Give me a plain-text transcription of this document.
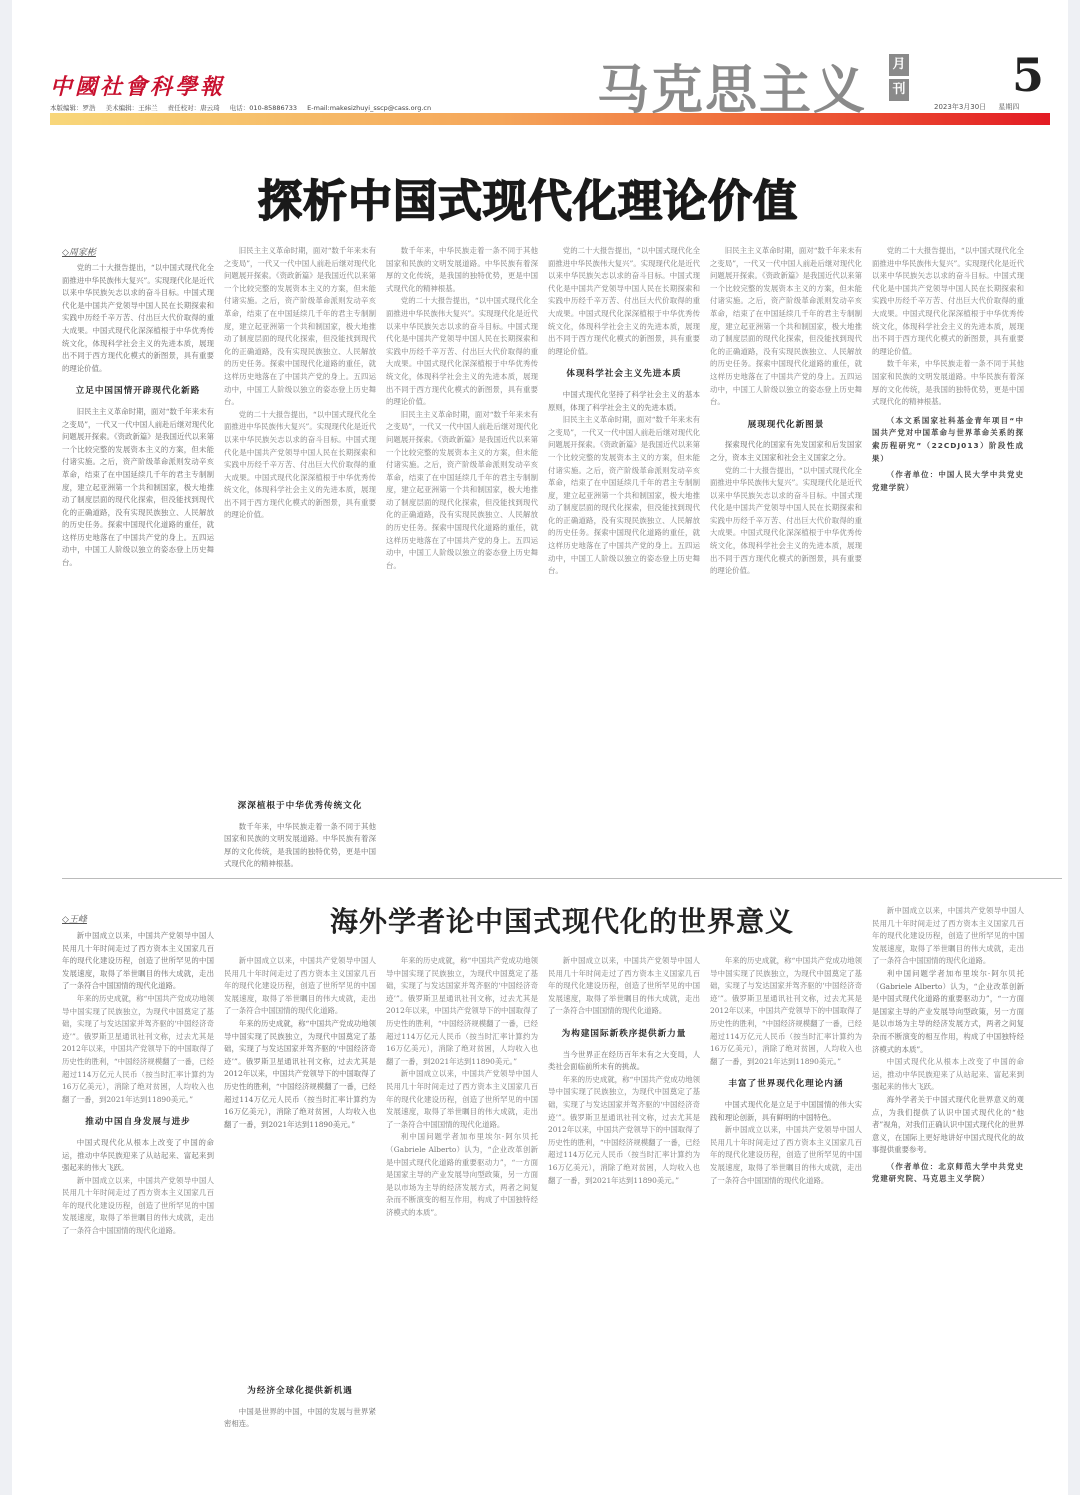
中國社會科學報
本版编辑：罗浩 美术编辑：王炜兰 责任校对：唐云琦 电话：010-85886733 E-mail:makesizhuyi_sscp@cass.org.cn	马克思主义 月
刊 5
2023年3月30日 星期四
探析中国式现代化理论价值
◇周家彬

党的二十大报告提出，“以中国式现代化全面推进中华民族伟大复兴”。实现现代化是近代以来中华民族矢志以求的奋斗目标。中国式现代化是中国共产党领导中国人民在长期探索和实践中历经千辛万苦、付出巨大代价取得的重大成果。中国式现代化深深植根于中华优秀传统文化，体现科学社会主义的先进本质，展现出不同于西方现代化模式的新图景，具有重要的理论价值。

立足中国国情开辟现代化新路

旧民主主义革命时期，面对“数千年来未有之变局”，一代又一代中国人前赴后继对现代化问题展开探索。《资政新篇》是我国近代以来第一个比较完整的发展资本主义的方案，但未能付诸实施。之后，资产阶级革命派则发动辛亥革命，结束了在中国延续几千年的君主专制制度，建立起亚洲第一个共和制国家，极大地推动了制度层面的现代化探索，但没能找到现代化的正确道路，没有实现民族独立、人民解放的历史任务。探索中国现代化道路的重任，就这样历史地落在了中国共产党的身上。五四运动中，中国工人阶级以独立的姿态登上历史舞台。

旧民主主义革命时期，面对“数千年来未有之变局”，一代又一代中国人前赴后继对现代化问题展开探索。《资政新篇》是我国近代以来第一个比较完整的发展资本主义的方案，但未能付诸实施。之后，资产阶级革命派则发动辛亥革命，结束了在中国延续几千年的君主专制制度，建立起亚洲第一个共和制国家，极大地推动了制度层面的现代化探索，但没能找到现代化的正确道路，没有实现民族独立、人民解放的历史任务。探索中国现代化道路的重任，就这样历史地落在了中国共产党的身上。五四运动中，中国工人阶级以独立的姿态登上历史舞台。

党的二十大报告提出，“以中国式现代化全面推进中华民族伟大复兴”。实现现代化是近代以来中华民族矢志以求的奋斗目标。中国式现代化是中国共产党领导中国人民在长期探索和实践中历经千辛万苦、付出巨大代价取得的重大成果。中国式现代化深深植根于中华优秀传统文化，体现科学社会主义的先进本质，展现出不同于西方现代化模式的新图景，具有重要的理论价值。

深深植根于中华优秀传统文化

数千年来，中华民族走着一条不同于其他国家和民族的文明发展道路。中华民族有着深厚的文化传统，是我国的独特优势，更是中国式现代化的精神根基。

数千年来，中华民族走着一条不同于其他国家和民族的文明发展道路。中华民族有着深厚的文化传统，是我国的独特优势，更是中国式现代化的精神根基。

党的二十大报告提出，“以中国式现代化全面推进中华民族伟大复兴”。实现现代化是近代以来中华民族矢志以求的奋斗目标。中国式现代化是中国共产党领导中国人民在长期探索和实践中历经千辛万苦、付出巨大代价取得的重大成果。中国式现代化深深植根于中华优秀传统文化，体现科学社会主义的先进本质，展现出不同于西方现代化模式的新图景，具有重要的理论价值。

旧民主主义革命时期，面对“数千年来未有之变局”，一代又一代中国人前赴后继对现代化问题展开探索。《资政新篇》是我国近代以来第一个比较完整的发展资本主义的方案，但未能付诸实施。之后，资产阶级革命派则发动辛亥革命，结束了在中国延续几千年的君主专制制度，建立起亚洲第一个共和制国家，极大地推动了制度层面的现代化探索，但没能找到现代化的正确道路，没有实现民族独立、人民解放的历史任务。探索中国现代化道路的重任，就这样历史地落在了中国共产党的身上。五四运动中，中国工人阶级以独立的姿态登上历史舞台。

党的二十大报告提出，“以中国式现代化全面推进中华民族伟大复兴”。实现现代化是近代以来中华民族矢志以求的奋斗目标。中国式现代化是中国共产党领导中国人民在长期探索和实践中历经千辛万苦、付出巨大代价取得的重大成果。中国式现代化深深植根于中华优秀传统文化，体现科学社会主义的先进本质，展现出不同于西方现代化模式的新图景，具有重要的理论价值。

体现科学社会主义先进本质

中国式现代化坚持了科学社会主义的基本原则，体现了科学社会主义的先进本质。

旧民主主义革命时期，面对“数千年来未有之变局”，一代又一代中国人前赴后继对现代化问题展开探索。《资政新篇》是我国近代以来第一个比较完整的发展资本主义的方案，但未能付诸实施。之后，资产阶级革命派则发动辛亥革命，结束了在中国延续几千年的君主专制制度，建立起亚洲第一个共和制国家，极大地推动了制度层面的现代化探索，但没能找到现代化的正确道路，没有实现民族独立、人民解放的历史任务。探索中国现代化道路的重任，就这样历史地落在了中国共产党的身上。五四运动中，中国工人阶级以独立的姿态登上历史舞台。

旧民主主义革命时期，面对“数千年来未有之变局”，一代又一代中国人前赴后继对现代化问题展开探索。《资政新篇》是我国近代以来第一个比较完整的发展资本主义的方案，但未能付诸实施。之后，资产阶级革命派则发动辛亥革命，结束了在中国延续几千年的君主专制制度，建立起亚洲第一个共和制国家，极大地推动了制度层面的现代化探索，但没能找到现代化的正确道路，没有实现民族独立、人民解放的历史任务。探索中国现代化道路的重任，就这样历史地落在了中国共产党的身上。五四运动中，中国工人阶级以独立的姿态登上历史舞台。

展现现代化新图景

探索现代化的国家有先发国家和后发国家之分，资本主义国家和社会主义国家之分。

党的二十大报告提出，“以中国式现代化全面推进中华民族伟大复兴”。实现现代化是近代以来中华民族矢志以求的奋斗目标。中国式现代化是中国共产党领导中国人民在长期探索和实践中历经千辛万苦、付出巨大代价取得的重大成果。中国式现代化深深植根于中华优秀传统文化，体现科学社会主义的先进本质，展现出不同于西方现代化模式的新图景，具有重要的理论价值。

党的二十大报告提出，“以中国式现代化全面推进中华民族伟大复兴”。实现现代化是近代以来中华民族矢志以求的奋斗目标。中国式现代化是中国共产党领导中国人民在长期探索和实践中历经千辛万苦、付出巨大代价取得的重大成果。中国式现代化深深植根于中华优秀传统文化，体现科学社会主义的先进本质，展现出不同于西方现代化模式的新图景，具有重要的理论价值。

数千年来，中华民族走着一条不同于其他国家和民族的文明发展道路。中华民族有着深厚的文化传统，是我国的独特优势，更是中国式现代化的精神根基。

（本文系国家社科基金青年项目“中国共产党对中国革命与世界革命关系的探索历程研究”（22CDJ013）阶段性成果）

（作者单位：中国人民大学中共党史党建学院）

海外学者论中国式现代化的世界意义
◇王峰

新中国成立以来，中国共产党领导中国人民用几十年时间走过了西方资本主义国家几百年的现代化建设历程，创造了世所罕见的中国发展速度，取得了举世瞩目的伟大成就，走出了一条符合中国国情的现代化道路。

年来的历史成就，称“中国共产党成功地领导中国实现了民族独立，为现代中国奠定了基础，实现了与发达国家并驾齐驱的‘中国经济奇迹’”。俄罗斯卫星通讯社刊文称，过去尤其是2012年以来，中国共产党领导下的中国取得了历史性的胜利，“中国经济规模翻了一番，已经超过114万亿元人民币（按当时汇率计算约为16万亿美元），消除了绝对贫困，人均收入也翻了一番，到2021年达到11890美元。”

推动中国自身发展与进步

中国式现代化从根本上改变了中国的命运，推动中华民族迎来了从站起来、富起来到强起来的伟大飞跃。

新中国成立以来，中国共产党领导中国人民用几十年时间走过了西方资本主义国家几百年的现代化建设历程，创造了世所罕见的中国发展速度，取得了举世瞩目的伟大成就，走出了一条符合中国国情的现代化道路。

新中国成立以来，中国共产党领导中国人民用几十年时间走过了西方资本主义国家几百年的现代化建设历程，创造了世所罕见的中国发展速度，取得了举世瞩目的伟大成就，走出了一条符合中国国情的现代化道路。

年来的历史成就，称“中国共产党成功地领导中国实现了民族独立，为现代中国奠定了基础，实现了与发达国家并驾齐驱的‘中国经济奇迹’”。俄罗斯卫星通讯社刊文称，过去尤其是2012年以来，中国共产党领导下的中国取得了历史性的胜利，“中国经济规模翻了一番，已经超过114万亿元人民币（按当时汇率计算约为16万亿美元），消除了绝对贫困，人均收入也翻了一番，到2021年达到11890美元。”

为经济全球化提供新机遇

中国是世界的中国，中国的发展与世界紧密相连。

年来的历史成就，称“中国共产党成功地领导中国实现了民族独立，为现代中国奠定了基础，实现了与发达国家并驾齐驱的‘中国经济奇迹’”。俄罗斯卫星通讯社刊文称，过去尤其是2012年以来，中国共产党领导下的中国取得了历史性的胜利，“中国经济规模翻了一番，已经超过114万亿元人民币（按当时汇率计算约为16万亿美元），消除了绝对贫困，人均收入也翻了一番，到2021年达到11890美元。”

新中国成立以来，中国共产党领导中国人民用几十年时间走过了西方资本主义国家几百年的现代化建设历程，创造了世所罕见的中国发展速度，取得了举世瞩目的伟大成就，走出了一条符合中国国情的现代化道路。

利中国问题学者加布里埃尔·阿尔贝托（Gabriele Alberto）认为，“企业改革创新是中国式现代化道路的重要驱动力”，“一方面是国家主导的产业发展导向型政策，另一方面是以市场为主导的经济发展方式，两者之间复杂而不断演变的相互作用，构成了中国独特经济模式的本质”。

新中国成立以来，中国共产党领导中国人民用几十年时间走过了西方资本主义国家几百年的现代化建设历程，创造了世所罕见的中国发展速度，取得了举世瞩目的伟大成就，走出了一条符合中国国情的现代化道路。

为构建国际新秩序提供新力量

当今世界正在经历百年未有之大变局，人类社会面临前所未有的挑战。

年来的历史成就，称“中国共产党成功地领导中国实现了民族独立，为现代中国奠定了基础，实现了与发达国家并驾齐驱的‘中国经济奇迹’”。俄罗斯卫星通讯社刊文称，过去尤其是2012年以来，中国共产党领导下的中国取得了历史性的胜利，“中国经济规模翻了一番，已经超过114万亿元人民币（按当时汇率计算约为16万亿美元），消除了绝对贫困，人均收入也翻了一番，到2021年达到11890美元。”

年来的历史成就，称“中国共产党成功地领导中国实现了民族独立，为现代中国奠定了基础，实现了与发达国家并驾齐驱的‘中国经济奇迹’”。俄罗斯卫星通讯社刊文称，过去尤其是2012年以来，中国共产党领导下的中国取得了历史性的胜利，“中国经济规模翻了一番，已经超过114万亿元人民币（按当时汇率计算约为16万亿美元），消除了绝对贫困，人均收入也翻了一番，到2021年达到11890美元。”

丰富了世界现代化理论内涵

中国式现代化是立足于中国国情的伟大实践和理论创新，具有鲜明的中国特色。

新中国成立以来，中国共产党领导中国人民用几十年时间走过了西方资本主义国家几百年的现代化建设历程，创造了世所罕见的中国发展速度，取得了举世瞩目的伟大成就，走出了一条符合中国国情的现代化道路。

新中国成立以来，中国共产党领导中国人民用几十年时间走过了西方资本主义国家几百年的现代化建设历程，创造了世所罕见的中国发展速度，取得了举世瞩目的伟大成就，走出了一条符合中国国情的现代化道路。

利中国问题学者加布里埃尔·阿尔贝托（Gabriele Alberto）认为，“企业改革创新是中国式现代化道路的重要驱动力”，“一方面是国家主导的产业发展导向型政策，另一方面是以市场为主导的经济发展方式，两者之间复杂而不断演变的相互作用，构成了中国独特经济模式的本质”。

中国式现代化从根本上改变了中国的命运，推动中华民族迎来了从站起来、富起来到强起来的伟大飞跃。

海外学者关于中国式现代化世界意义的观点，为我们提供了认识中国式现代化的“他者”视角，对我们正确认识中国式现代化的世界意义，在国际上更好地讲好中国式现代化的故事提供重要参考。

（作者单位：北京师范大学中共党史党建研究院、马克思主义学院）
